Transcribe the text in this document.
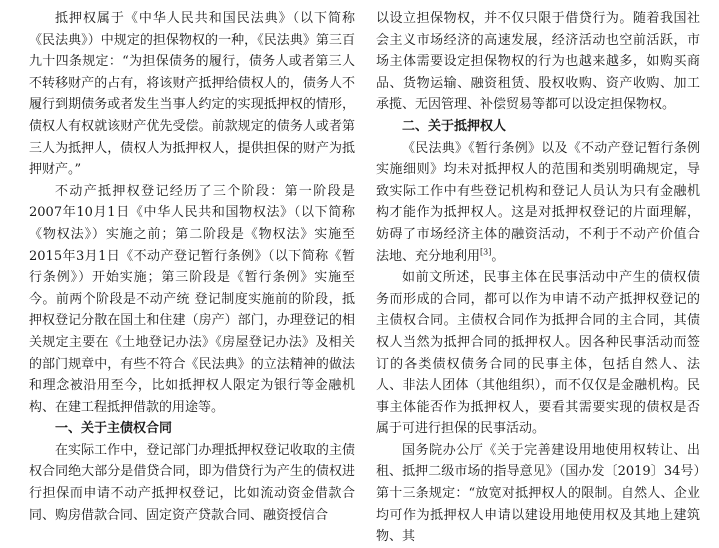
抵押权属于《中华人民共和国民法典》（以下简称《民法典》）中规定的担保物权的一种，《民法典》第三百九十四条规定：“为担保债务的履行，债务人或者第三人不转移财产的占有，将该财产抵押给债权人的，债务人不履行到期债务或者发生当事人约定的实现抵押权的情形，债权人有权就该财产优先受偿。前款规定的债务人或者第三人为抵押人，债权人为抵押权人，提供担保的财产为抵押财产。”

不动产抵押权登记经历了三个阶段：第一阶段是2007年10月1日《中华人民共和国物权法》（以下简称《物权法》）实施之前；第二阶段是《物权法》实施至2015年3月1日《不动产登记暂行条例》（以下简称《暂行条例》）开始实施；第三阶段是《暂行条例》实施至今。前两个阶段是不动产统 登记制度实施前的阶段，抵押权登记分散在国土和住建（房产）部门，办理登记的相关规定主要在《土地登记办法》《房屋登记办法》及相关的部门规章中，有些不符合《民法典》的立法精神的做法和理念被沿用至今，比如抵押权人限定为银行等金融机构、在建工程抵押借款的用途等。

一、关于主债权合同

在实际工作中，登记部门办理抵押权登记收取的主债权合同绝大部分是借贷合同，即为借贷行为产生的债权进行担保而申请不动产抵押权登记，比如流动资金借款合同、购房借款合同、固定资产贷款合同、融资授信合

以设立担保物权，并不仅只限于借贷行为。随着我国社会主义市场经济的高速发展，经济活动也空前活跃，市场主体需要设定担保物权的行为也越来越多，如购买商品、货物运输、融资租赁、股权收购、资产收购、加工承揽、无因管理、补偿贸易等都可以设定担保物权。

二、关于抵押权人

《民法典》《暂行条例》以及《不动产登记暂行条例实施细则》均未对抵押权人的范围和类别明确规定，导致实际工作中有些登记机构和登记人员认为只有金融机构才能作为抵押权人。这是对抵押权登记的片面理解，妨碍了市场经济主体的融资活动，不利于不动产价值合法地、充分地利用[3]。

如前文所述，民事主体在民事活动中产生的债权债务而形成的合同，都可以作为申请不动产抵押权登记的主债权合同。主债权合同作为抵押合同的主合同，其债权人当然为抵押合同的抵押权人。因各种民事活动而签订的各类债权债务合同的民事主体，包括自然人、法人、非法人团体（其他组织），而不仅仅是金融机构。民事主体能否作为抵押权人，要看其需要实现的债权是否属于可进行担保的民事活动。

国务院办公厅《关于完善建设用地使用权转让、出租、抵押二级市场的指导意见》（国办发〔2019〕34号）第十三条规定：“放宽对抵押权人的限制。自然人、企业均可作为抵押权人申请以建设用地使用权及其地上建筑物、其
